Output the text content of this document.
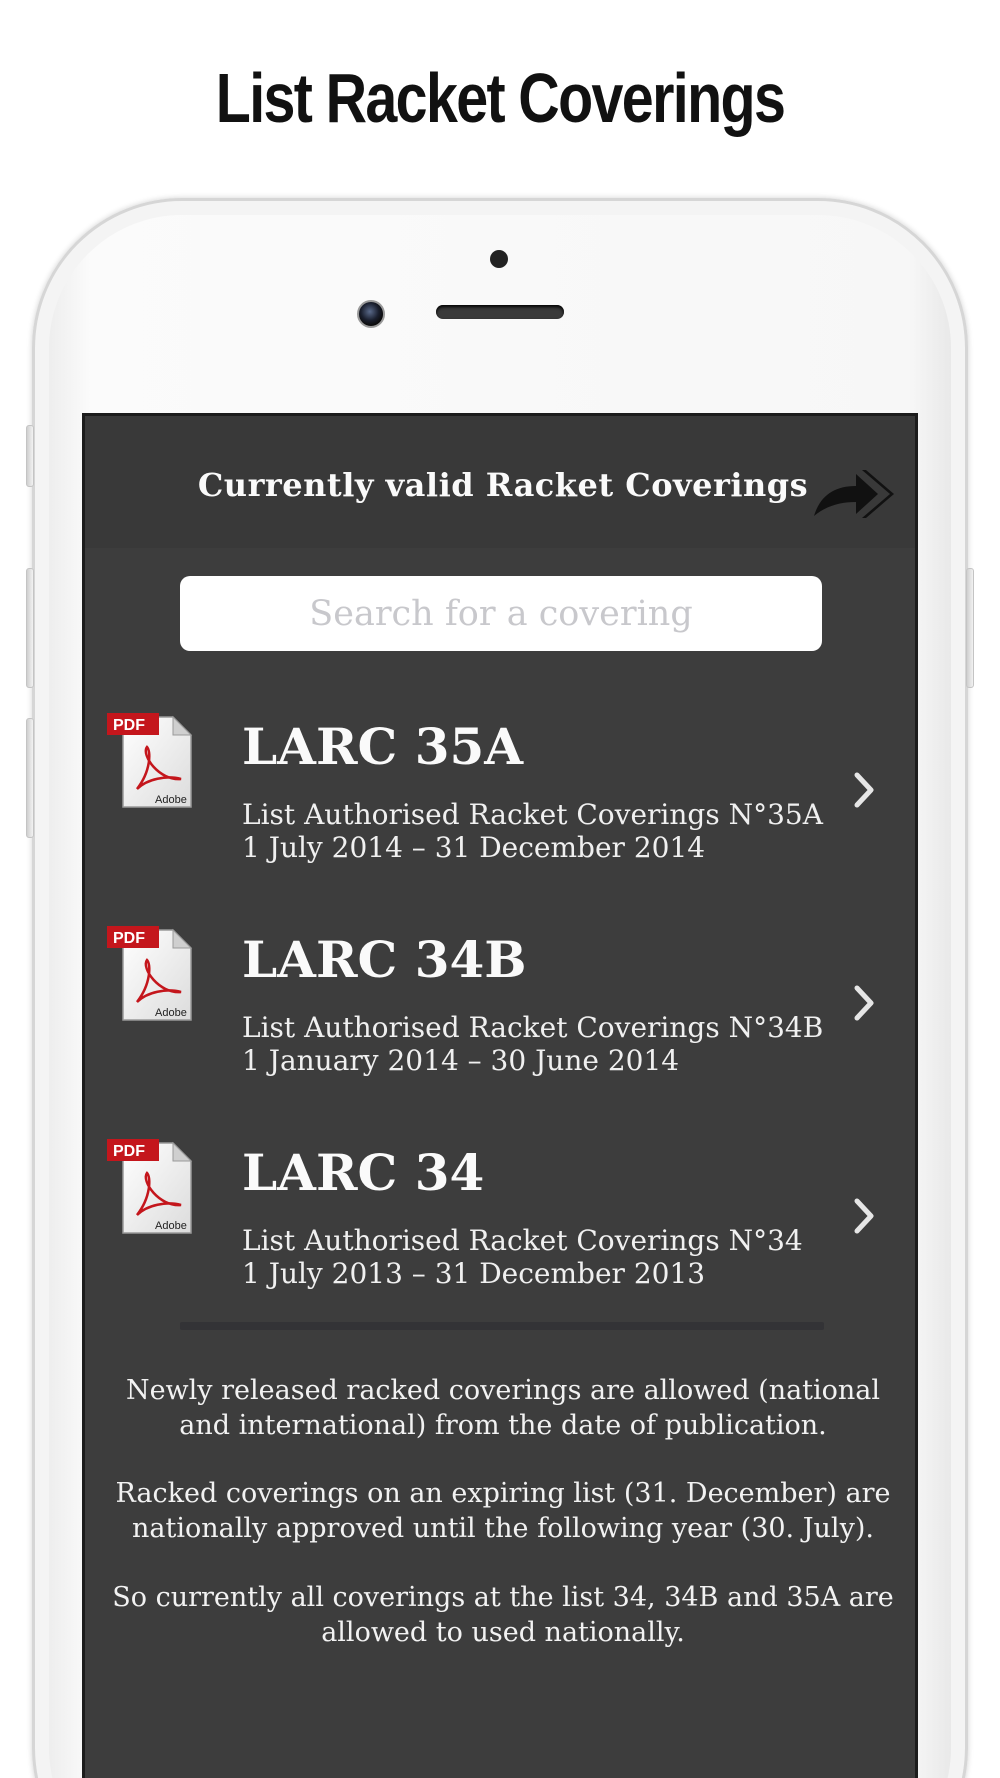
List Racket Coverings
Currently valid Racket Coverings
Search for a covering
PDF
Adobe
LARC 35A
List Authorised Racket Coverings N°35A
1 July 2014 – 31 December 2014
PDF
Adobe
LARC 34B
List Authorised Racket Coverings N°34B
1 January 2014 – 30 June 2014
PDF
Adobe
LARC 34
List Authorised Racket Coverings N°34
1 July 2013 – 31 December 2013
Newly released racked coverings are allowed (national
and international) from the date of publication.
Racked coverings on an expiring list (31. December) are
nationally approved until the following year (30. July).
So currently all coverings at the list 34, 34B and 35A are
allowed to used nationally.
